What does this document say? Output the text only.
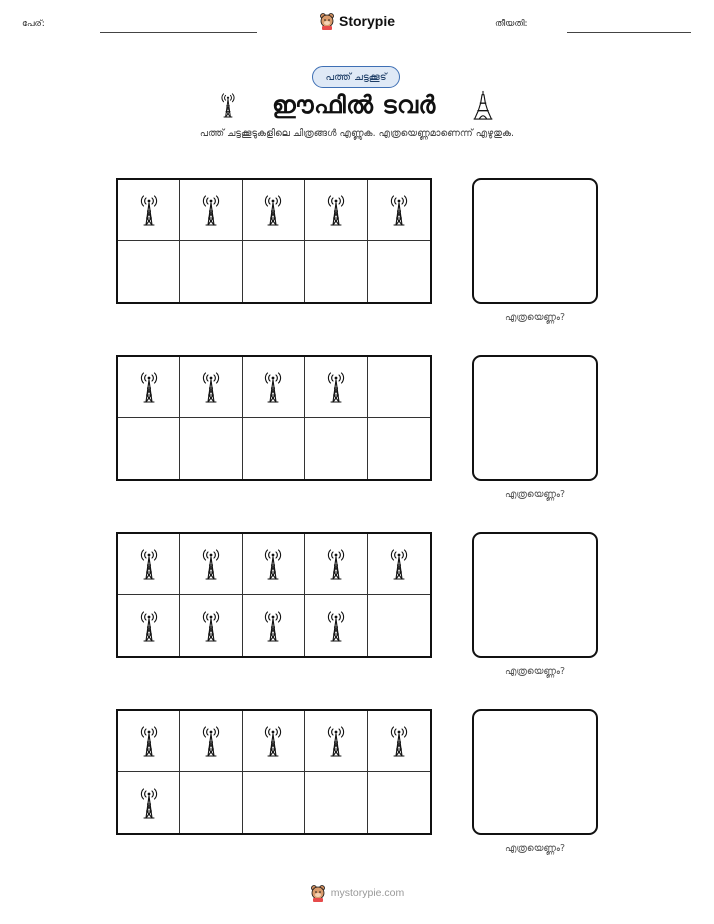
പേര്:	Storypie	തീയതി:
പത്ത് ചട്ടക്കൂട്
ഈഫിൽ ടവർ
പത്ത് ചട്ടക്കൂടുകളിലെ ചിത്രങ്ങൾ എണ്ണുക. എത്രയെണ്ണമാണെന്ന് എഴുതുക.
എത്രയെണ്ണം?
എത്രയെണ്ണം?
എത്രയെണ്ണം?
എത്രയെണ്ണം?
mystorypie.com
